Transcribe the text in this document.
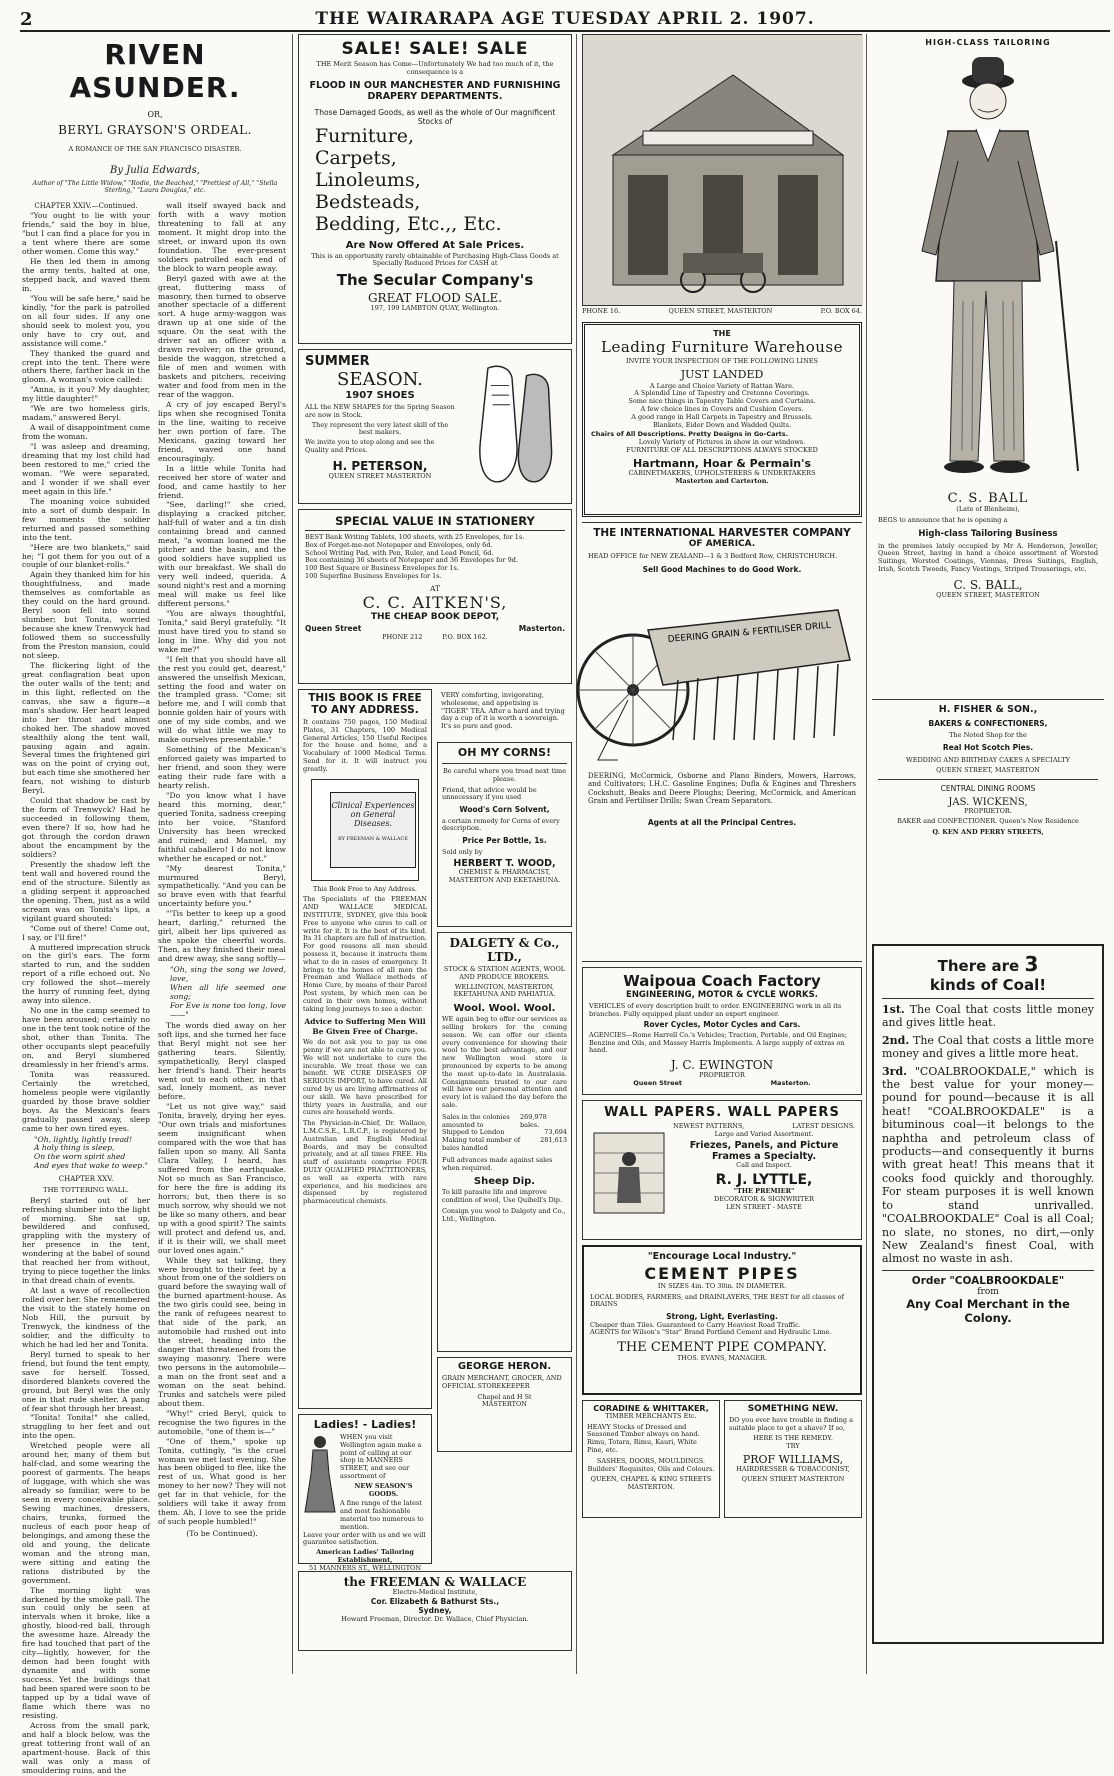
2	THE WAIRARAPA AGE TUESDAY APRIL 2. 1907.
RIVEN ASUNDER.
OR,
BERYL GRAYSON'S ORDEAL.
A ROMANCE OF THE SAN FRANCISCO DISASTER.
By Julia Edwards,
Author of "The Little Widow," "Rodie, the Beached," "Prettiest of All," "Stella Sterling," "Laura Douglas," etc.
CHAPTER XXIV.—Continued.

"You ought to lie with your friends," said the boy in blue, "but I can find a place for you in a tent where there are some other women. Come this way."

He then led them in among the army tents, halted at one, stepped back, and waved them in.

"You will be safe here," said he kindly, "for the park is patrolled on all four sides. If any one should seek to molest you, you only have to cry out, and assistance will come."

They thanked the guard and crept into the tent. There were others there, farther back in the gloom. A woman's voice called:

"Anna, is it you? My daughter, my little daughter!"

"We are two homeless girls, madam," answered Beryl.

A wail of disappointment came from the woman.

"I was asleep and dreaming, dreaming that my lost child had been restored to me," cried the woman. "We were separated, and I wonder if we shall ever meet again in this life."

The moaning voice subsided into a sort of dumb despair. In few moments the soldier returned and passed something into the tent.

"Here are two blankets," said he; "I got them for you out of a couple of our blanket-rolls."

Again they thanked him for his thoughtfulness, and made themselves as comfortable as they could on the hard ground. Beryl soon fell into sound slumber; but Tonita, worried because she knew Trenwyck had followed them so successfully from the Preston mansion, could not sleep.

The flickering light of the great conflagration beat upon the outer walls of the tent; and in this light, reflected on the canvas, she saw a figure—a man's shadow. Her heart leaped into her throat and almost choked her. The shadow moved stealthily along the tent wall, pausing again and again. Several times the frightened girl was on the point of crying out, but each time she smothered her fears, not wishing to disturb Beryl.

Could that shadow be cast by the form of Trenwyck? Had he succeeded in following them, even there? If so, how had he got through the cordon drawn about the encampment by the soldiers?

Presently the shadow left the tent wall and hovered round the end of the structure. Silently as a gliding serpent it approached the opening. Then, just as a wild scream was on Tonita's lips, a vigilant guard shouted:

"Come out of there! Come out, I say, or I'll fire!"

A muttered imprecation struck on the girl's ears. The form started to run, and the sudden report of a rifle echoed out. No cry followed the shot—merely the hurry of running feet, dying away into silence.

No one in the camp seemed to have been aroused; certainly no one in the tent took notice of the shot, other than Tonita. The other occupants slept peacefully on, and Beryl slumbered dreamlessly in her friend's arms.

Tonita was reassured. Certainly the wretched, homeless people were vigilantly guarded by those brave soldier boys. As the Mexican's fears gradually passed away, sleep came to her own tired eyes.

"Oh, lightly, lightly tread!
A holy thing is sleep,
On the worn spirit shed
And eyes that wake to weep."
CHAPTER XXV.
THE TOTTERING WALL.

Beryl started out of her refreshing slumber into the light of morning. She sat up, bewildered and confused, grappling with the mystery of her presence in the tent, wondering at the babel of sound that reached her from without, trying to piece together the links in that dread chain of events.

At last a wave of recollection rolled over her. She remembered the visit to the stately home on Nob Hill, the pursuit by Trenwyck, the kindness of the soldier, and the difficulty to which he had led her and Tonita.

Beryl turned to speak to her friend, but found the tent empty, save for herself. Tossed, disordered blankets covered the ground, but Beryl was the only one in that rude shelter. A pang of fear shot through her breast.

"Tonita! Tonita!" she called, struggling to her feet and out into the open.

Wretched people were all around her, many of them but half-clad, and some wearing the poorest of garments. The heaps of luggage, with which she was already so familiar, were to be seen in every conceivable place. Sewing machines, dressers, chairs, trunks, formed the nucleus of each poor heap of belongings, and among these the old and young, the delicate woman and the strong man, were sitting and eating the rations distributed by the government.

The morning light was darkened by the smoke pall. The sun could only be seen at intervals when it broke, like a ghostly, blood-red ball, through the awesome haze. Already the fire had touched that part of the city—lightly, however, for the demon had been fought with dynamite and with some success. Yet the buildings that had been spared were soon to be tapped up by a tidal wave of flame which there was no resisting.

Across from the small park, and half a block below, was the great tottering front wall of an apartment-house. Back of this wall was only a mass of smouldering ruins, and the

wall itself swayed back and forth with a wavy motion threatening to fall at any moment. It might drop into the street, or inward upon its own foundation. The ever-present soldiers patrolled each end of the block to warn people away.

Beryl gazed with awe at the great, fluttering mass of masonry, then turned to observe another spectacle of a different sort. A huge army-waggon was drawn up at one side of the square. On the seat with the driver sat an officer with a drawn revolver; on the ground, beside the waggon, stretched a file of men and women with baskets and pitchers, receiving water and food from men in the rear of the waggon.

A cry of joy escaped Beryl's lips when she recognised Tonita in the line, waiting to receive her own portion of fare. The Mexicans, gazing toward her friend, waved one hand encouragingly.

In a little while Tonita had received her store of water and food, and came hastily to her friend.

"See, darling!" she cried, displaying a cracked pitcher, half-full of water and a tin dish containing bread and canned meat, "a woman loaned me the pitcher and the basin, and the good soldiers have supplied us with our breakfast. We shall do very well indeed, querida. A sound night's rest and a morning meal will make us feel like different persons."

"You are always thoughtful, Tonita," said Beryl gratefully. "It must have tired you to stand so long in line. Why did you not wake me?"

"I felt that you should have all the rest you could get, dearest," answered the unselfish Mexican, setting the food and water on the trampled grass. "Come; sit before me, and I will comb that bonnie golden hair of yours with one of my side combs, and we will do what little we may to make ourselves presentable."

Something of the Mexican's enforced gaiety was imparted to her friend, and soon they were eating their rude fare with a hearty relish.

"Do you know what I have heard this morning, dear," queried Tonita, sadness creeping into her voice, "Stanford University has been wrecked and ruined; and Manuel, my faithful caballero! I do not know whether he escaped or not."

"My dearest Tonita," murmured Beryl, sympathetically. "And you can be so brave even with that fearful uncertainty before you."

"'Tis better to keep up a good heart, darling," returned the girl, albeit her lips quivered as she spoke the cheerful words. Then, as they finished their meal and drew away, she sang softly—

"Oh, sing the song we loved, love,
When all life seemed one song;
For Eve is none too long, love——"

The words died away on her soft lips, and she turned her face that Beryl might not see her gathering tears. Silently, sympathetically, Beryl clasped her friend's hand. Their hearts went out to each other, in that sad, lonely moment, as never before.

"Let us not give way," said Tonita, bravely, drying her eyes. "Our own trials and misfortunes seem insignificant when compared with the woe that has fallen upon so many. All Santa Clara Valley, I heard, has suffered from the earthquake. Not so much as San Francisco, for here the fire is adding its horrors; but, then there is so much sorrow, why should we not be like so many others, and bear up with a good spirit? The saints will protect and defend us, and, if it is their will, we shall meet our loved ones again."

While they sat talking, they were brought to their feet by a shout from one of the soldiers on guard before the swaying wall of the burned apartment-house. As the two girls could see, being in the rank of refugees nearest to that side of the park, an automobile had rushed out into the street, heading into the danger that threatened from the swaying masonry. There were two persons in the automobile—a man on the front seat and a woman on the seat behind. Trunks and satchels were piled about them.

"Why!" cried Beryl, quick to recognise the two figures in the automobile, "one of them is—"

"One of them," spoke up Tonita, cuttingly, "is the cruel woman we met last evening. She has been obliged to flee, like the rest of us. What good is her money to her now? They will not get far in that vehicle, for the soldiers will take it away from them. Ah, I love to see the pride of such people humbled!"

(To be Continued).
SALE! SALE! SALE
THE Merit Season has Come—Unfortunately We had too much of it, the consequence is a
FLOOD IN OUR MANCHESTER AND FURNISHING DRAPERY DEPARTMENTS.
Those Damaged Goods, as well as the whole of Our magnificent Stocks of
Furniture,
Carpets,
Linoleums,
Bedsteads,
Bedding, Etc.,, Etc.
Are Now Offered At Sale Prices.
This is an opportunity rarely obtainable of Purchasing High-Class Goods at Specially Reduced Prices for CASH at
The Secular Company's
GREAT FLOOD SALE.
197, 199 LAMBTON QUAY, Wellington.
SUMMER
SEASON.
1907 SHOES
ALL the NEW SHAPES for the Spring Season are now in Stock.
They represent the very latest skill of the best makers.
We invite you to step along and see the Quality and Prices.
H. PETERSON,
QUEEN STREET MASTERTON
SPECIAL VALUE IN STATIONERY
BEST Bank Writing Tablets, 100 sheets, with 25 Envelopes, for 1s.
Box of Forget-me-not Notepaper and Envelopes, only 6d.
School Writing Pad, with Pen, Ruler, and Lead Pencil, 6d.
Box containing 36 sheets of Notepaper and 36 Envelopes for 9d.
100 Best Square or Business Envelopes for 1s.
100 Superfine Business Envelopes for 1s.
AT
C. C. AITKEN'S,
THE CHEAP BOOK DEPOT,
Queen Street	Masterton.
PHONE 212	P.O. BOX 162.
THIS BOOK IS FREE TO ANY ADDRESS.
It contains 750 pages, 150 Medical Plates, 31 Chapters, 100 Medical General Articles, 150 Useful Recipes for the house and home, and a Vocabulary of 1000 Medical Terms. Send for it. It will instruct you greatly.
Clinical Experiences on General Diseases.
BY FREEMAN & WALLACE
This Book Free to Any Address.
The Specialists of the FREEMAN AND WALLACE MEDICAL INSTITUTE, SYDNEY, give this book Free to anyone who cares to call or write for it. It is the best of its kind. Its 31 chapters are full of instruction. For good reasons all men should possess it, because it instructs them what to do in cases of emergency. It brings to the homes of all men the Freeman and Wallace methods of Home Cure, by means of their Parcel Post system, by which men can be cured in their own homes, without taking long journeys to see a doctor.
Advice to Suffering Men Will Be Given Free of Charge.
We do not ask you to pay us one penny if we are not able to cure you. We will not undertake to cure the incurable. We treat those we can benefit. WE CURE DISEASES OF SERIOUS IMPORT, to have cured. All cured by us are living affirmatives of our skill. We have prescribed for thirty years in Australia, and our cures are household words.
The Physician-in-Chief, Dr. Wallace, L.M.C.S.E., L.R.C.P., is registered by Australian and English Medical Boards, and may be consulted privately, and at all times FREE. His staff of assistants comprise FOUR DULY QUALIFIED PRACTITIONERS, as well as experts with rare experience, and his medicines are dispensed by registered pharmaceutical chemists.
Ladies! - Ladies!
WHEN you visit Wellington again make a point of calling at our shop in MANNERS STREET, and see our assortment of
NEW SEASON'S GOODS.
A fine range of the latest and most fashionable material too numerous to mention.
Leave your order with us and we will guarantee satisfaction.
American Ladies' Tailoring Establishment,
51 MANNERS ST., WELLINGTON
VERY comforting, invigorating, wholesome, and appetising is "TIGER" TEA. After a hard and trying day a cup of it is worth a sovereign. It's so pure and good.
OH MY CORNS!
Be careful where you tread next time please.
Friend, that advice would be unnecessary if you used
Wood's Corn Solvent,
a certain remedy for Corns of every description.
Price Per Bottle, 1s.
Sold only by
HERBERT T. WOOD,
CHEMIST & PHARMACIST,
MASTERTON AND EKETAHUNA.
DALGETY & Co., LTD.,
STOCK & STATION AGENTS, WOOL AND PRODUCE BROKERS.
WELLINGTON, MASTERTON, EKETAHUNA AND PAHIATUA.
Wool. Wool. Wool.
WE again beg to offer our services as selling brokers for the coming season. We can offer our clients every convenience for showing their wool to the best advantage, and our new Wellington wool store is pronounced by experts to be among the most up-to-date in Australasia. Consignments trusted to our care will have our personal attention and every lot is valued the day before the sale.
Sales in the colonies amounted to
269,978 bales.
Shipped to London	73,694
Making total number of bales handled
281,613
Full advances made against sales when required.
Sheep Dip.
To kill parasite life and improve condition of wool, Use Quibell's Dip.
Consign you wool to Dalgety and Co., Ltd., Wellington.
GEORGE HERON.
GRAIN MERCHANT, GROCER, AND OFFICIAL STOREKEEPER
Chapel and H St
MASTERTON
the FREEMAN & WALLACE
Electro-Medical Institute,
Cor. Elizabeth & Bathurst Sts.,
Sydney,
Howard Freeman, Director. Dr. Wallace, Chief Physician.
PHONE 16.	QUEEN STREET, MASTERTON	P.O. BOX 64.
THE
Leading Furniture Warehouse
INVITE YOUR INSPECTION OF THE FOLLOWING LINES
JUST LANDED
A Large and Choice Variety of Rattan Ware.
A Splendid Line of Tapestry and Cretonne Coverings.
Some nice things in Tapestry Table Covers and Curtains.
A few choice lines in Covers and Cushion Covers.
A good range in Hall Carpets in Tapestry and Brussels.
Blankets, Eider Down and Wadded Quilts.
Chairs of All Descriptions. Pretty Designs in Go-Carts.
Lovely Variety of Pictures in show in our windows.
FURNITURE OF ALL DESCRIPTIONS ALWAYS STOCKED
Hartmann, Hoar & Permain's
CABINETMAKERS, UPHOLSTERERS & UNDERTAKERS
Masterton and Carterton.
THE INTERNATIONAL HARVESTER COMPANY
OF AMERICA.
HEAD OFFICE for NEW ZEALAND—1 & 3 Bedford Row, CHRISTCHURCH.
Sell Good Machines to do Good Work.
DEERING GRAIN & FERTILISER DRILL
DEERING, McCormick, Osborne and Plano Binders, Mowers, Harrows, and Cultivators; I.H.C. Gasoline Engines; Dufla & Engines and Threshers Cockshutt, Beaks and Deere Ploughs; Deering, McCormick, and American Grain and Fertiliser Drills; Swan Cream Separators.
Agents at all the Principal Centres.
Waipoua Coach Factory
ENGINEERING, MOTOR & CYCLE WORKS.
VEHICLES of every description built to order. ENGINEERING work in all its branches. Fully equipped plant under an expert engineer.
Rover Cycles, Motor Cycles and Cars.
AGENCIES—Rome Harrell Co.'s Vehicles; Traction, Portable, and Oil Engines; Benzine and Oils, and Massey Harris Implements. A large supply of extras on hand.
J. C. EWINGTON
PROPRIETOR
Queen Street	Masterton.
WALL PAPERS. WALL PAPERS
NEWEST PATTERNS,	LATEST DESIGNS.
Large and Varied Assortment.
Friezes, Panels, and Picture Frames a Specialty.
Call and Inspect.
R. J. LYTTLE,
"THE PREMIER"
DECORATOR & SIGNWRITER
LEN STREET - MASTE
"Encourage Local Industry."
CEMENT PIPES
IN SIZES 4in. TO 30in. IN DIAMETER.
LOCAL BODIES, FARMERS, and DRAINLAYERS, THE BEST for all classes of DRAINS
Strong, Light, Everlasting.
Cheaper than Tiles. Guaranteed to Carry Heaviest Road Traffic.
AGENTS for Wilson's "Star" Brand Portland Cement and Hydraulic Lime.
THE CEMENT PIPE COMPANY.
THOS. EVANS, MANAGER.
CORADINE & WHITTAKER,
TIMBER MERCHANTS Etc.
HEAVY Stocks of Dressed and Seasoned Timber always on hand. Rimu, Totara, Rimu, Kauri, White Pine, etc.
SASHES, DOORS, MOULDINGS. Builders' Requisites, Oils and Colours.
QUEEN, CHAPEL & KING STREETS
MASTERTON.
SOMETHING NEW.
DO you ever have trouble in finding a suitable place to get a shave? If so,
HERE IS THE REMEDY.
TRY
PROF WILLIAMS,
HAIRDRESSER & TOBACCONIST,
QUEEN STREET MASTERTON
HIGH-CLASS TAILORING
C. S. BALL
(Late of Blenheim),
BEGS to announce that he is opening a
High-class Tailoring Business
in the premises lately occupied by Mr A. Henderson, Jeweller, Queen Street, having in hand a choice assortment of Worsted Suitings, Worsted Coatings, Viennas, Dress Suitings, English, Irish, Scotch Tweeds, Fancy Vestings, Striped Trouserings, etc.
C. S. BALL,
QUEEN STREET, MASTERTON
H. FISHER & SON.,
BAKERS & CONFECTIONERS,
The Noted Shop for the
Real Hot Scotch Pies.
WEDDING AND BIRTHDAY CAKES A SPECIALTY
QUEEN STREET, MASTERTON
CENTRAL DINING ROOMS
JAS. WICKENS,
PROPRIETOR.
BAKER and CONFECTIONER. Queen's New Residence
Q. KEN AND PERRY STREETS,
There are 3
kinds of Coal!
1st. The Coal that costs little money and gives little heat.
2nd. The Coal that costs a little more money and gives a little more heat.
3rd. "COALBROOKDALE," which is the best value for your money—pound for pound—because it is all heat! "COALBROOKDALE" is a bituminous coal—it belongs to the naphtha and petroleum class of products—and consequently it burns with great heat! This means that it cooks food quickly and thoroughly. For steam purposes it is well known to stand unrivalled. "COALBROOKDALE" Coal is all Coal; no slate, no stones, no dirt,—only New Zealand's finest Coal, with almost no waste in ash.
Order "COALBROOKDALE"
from
Any Coal Merchant in the Colony.
